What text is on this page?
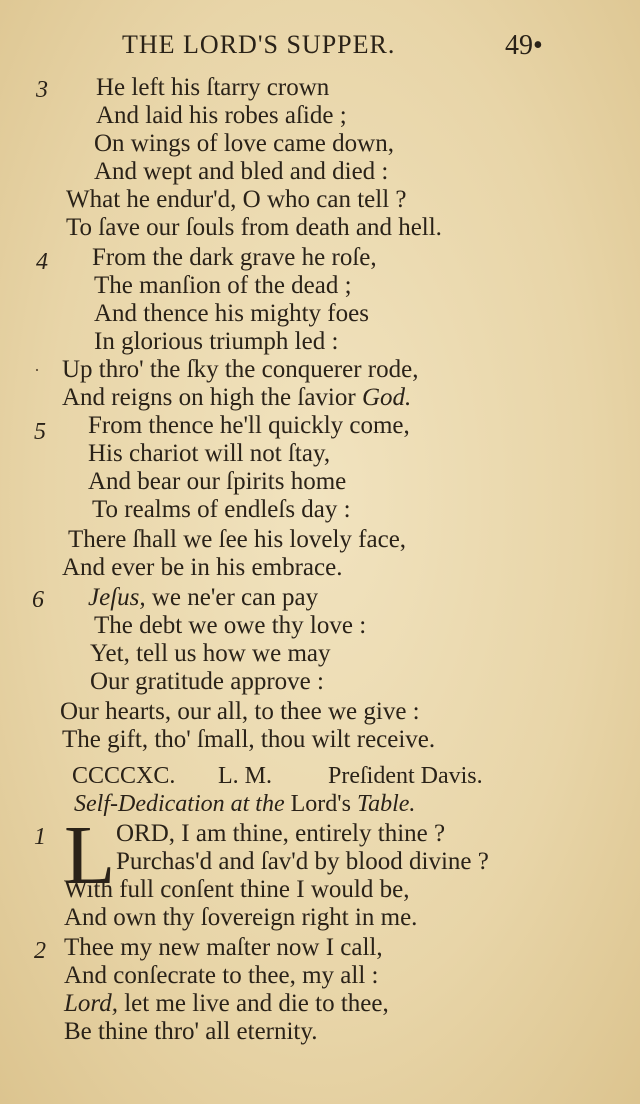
THE LORD'S SUPPER.	49•
3 He left his ſtarry crown
And laid his robes aſide ;
On wings of love came down,
And wept and bled and died :
What he endur'd, O who can tell ?
To ſave our ſouls from death and hell.
4 From the dark grave he roſe,
The manſion of the dead ;
And thence his mighty foes
In glorious triumph led :
· Up thro' the ſky the conquerer rode,
And reigns on high the ſavior God.
5 From thence he'll quickly come,
His chariot will not ſtay,
And bear our ſpirits home
To realms of endleſs day :
There ſhall we ſee his lovely face,
And ever be in his embrace.
6 Jeſus, we ne'er can pay
The debt we owe thy love :
Yet, tell us how we may
Our gratitude approve :
Our hearts, our all, to thee we give :
The gift, tho' ſmall, thou wilt receive.
CCCCXC. L. M. Preſident Davis.
Self-Dedication at the Lord's Table.
1 L ORD, I am thine, entirely thine ?
Purchas'd and ſav'd by blood divine ?
With full conſent thine I would be,
And own thy ſovereign right in me.
2 Thee my new maſter now I call,
And conſecrate to thee, my all :
Lord, let me live and die to thee,
Be thine thro' all eternity.
